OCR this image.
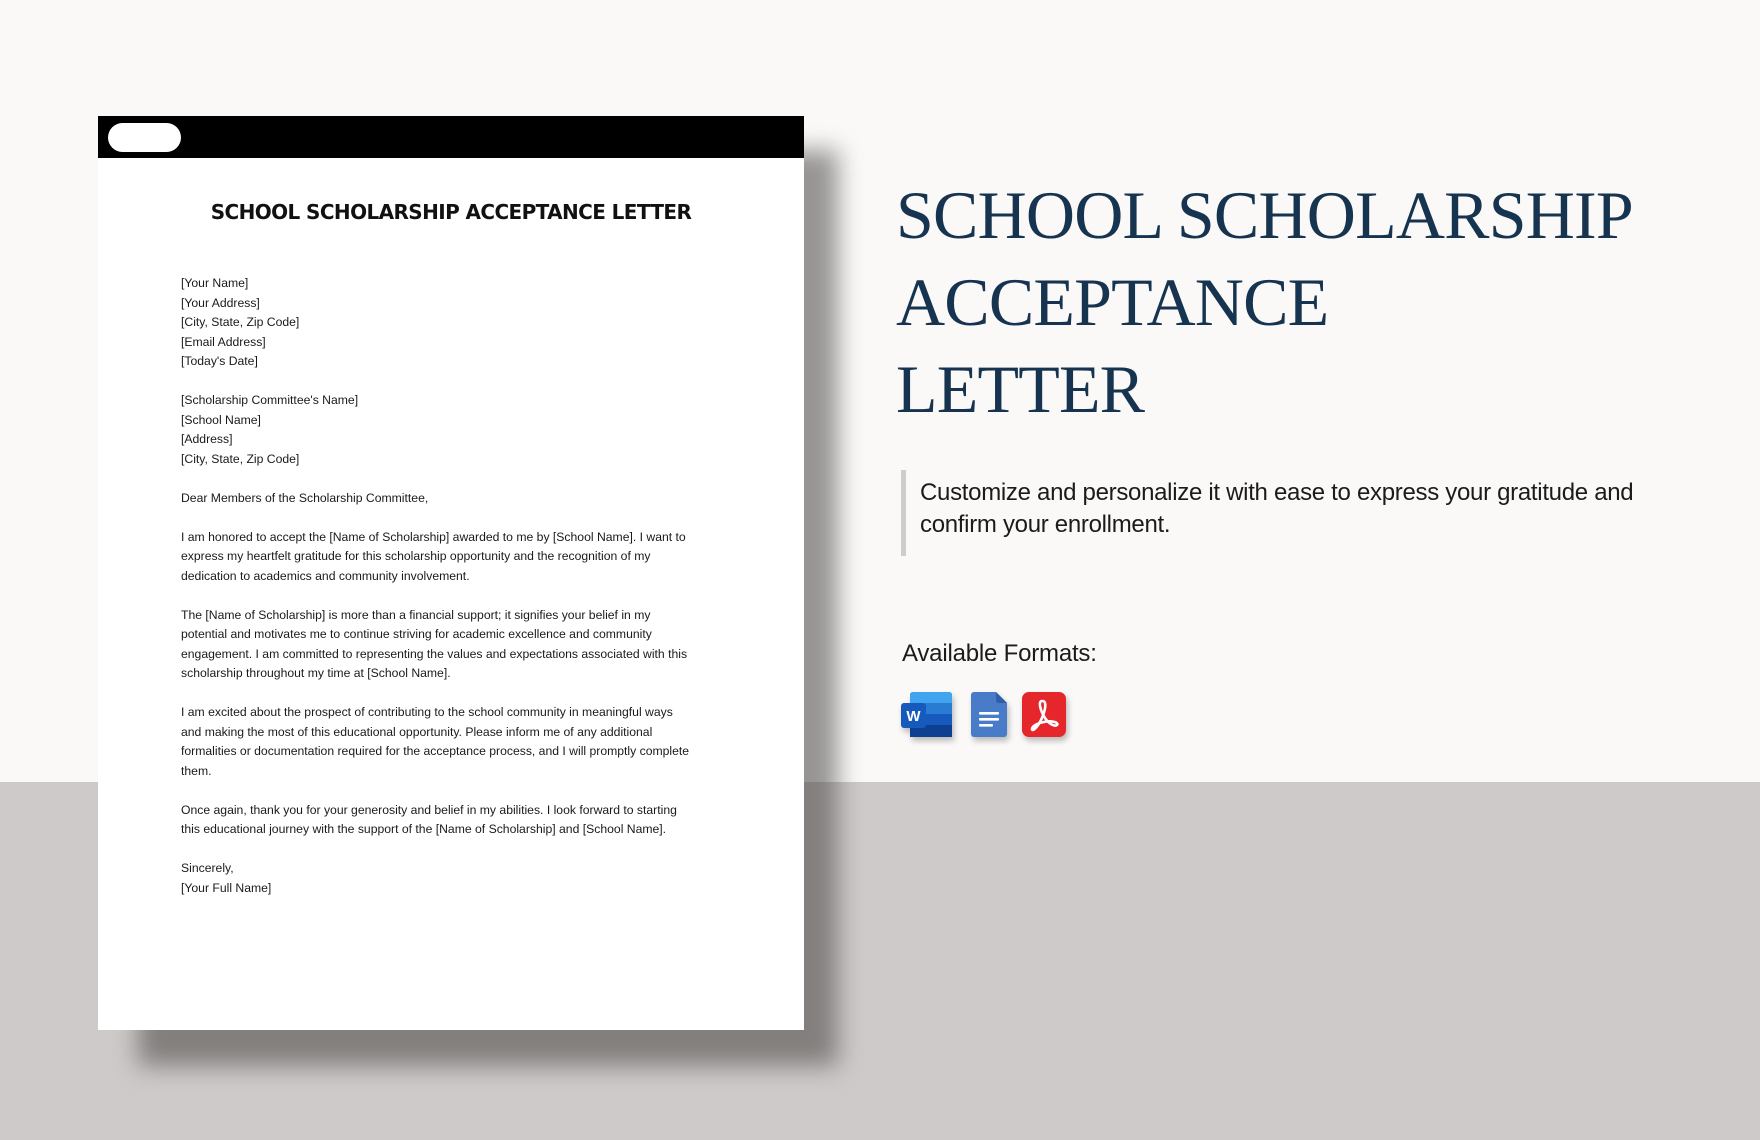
SCHOOL SCHOLARSHIP ACCEPTANCE LETTER

[Your Name]
[Your Address]
[City, State, Zip Code]
[Email Address]
[Today's Date]

[Scholarship Committee's Name]
[School Name]
[Address]
[City, State, Zip Code]

Dear Members of the Scholarship Committee,

I am honored to accept the [Name of Scholarship] awarded to me by [School Name]. I want to
express my heartfelt gratitude for this scholarship opportunity and the recognition of my
dedication to academics and community involvement.

The [Name of Scholarship] is more than a financial support; it signifies your belief in my
potential and motivates me to continue striving for academic excellence and community
engagement. I am committed to representing the values and expectations associated with this
scholarship throughout my time at [School Name].

I am excited about the prospect of contributing to the school community in meaningful ways
and making the most of this educational opportunity. Please inform me of any additional
formalities or documentation required for the acceptance process, and I will promptly complete
them.

Once again, thank you for your generosity and belief in my abilities. I look forward to starting
this educational journey with the support of the [Name of Scholarship] and [School Name].

Sincerely,
[Your Full Name]

SCHOOL SCHOLARSHIP
ACCEPTANCE
LETTER

Customize and personalize it with ease to express your gratitude and confirm your enrollment.

Available Formats:

W
